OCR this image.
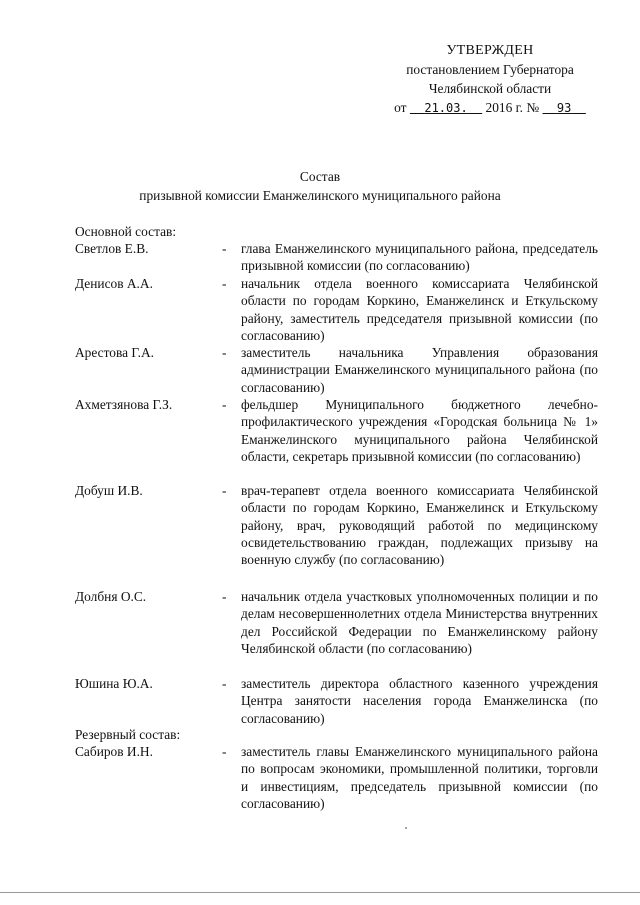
УТВЕРЖДЕН
постановлением Губернатора
Челябинской области
от 21.03. 2016 г. № 93
Состав
призывной комиссии Еманжелинского муниципального района
Основной состав:
Светлов Е.В.	- глава Еманжелинского муниципального района, председатель призывной комиссии (по согласованию)
Денисов А.А.	- начальник отдела военного комиссариата Челябинской области по городам Коркино, Еманжелинск и Еткульскому району, заместитель председателя призывной комиссии (по согласованию)
Арестова Г.А.	- заместитель начальника Управления образования администрации Еманжелинского муниципального района (по согласованию)
Ахметзянова Г.З.	- фельдшер Муниципального бюджетного лечебно-профилактического учреждения «Городская больница № 1» Еманжелинского муниципального района Челябинской области, секретарь призывной комиссии (по согласованию)
Добуш И.В.	- врач-терапевт отдела военного комиссариата Челябинской области по городам Коркино, Еманжелинск и Еткульскому району, врач, руководящий работой по медицинскому освидетельствованию граждан, подлежащих призыву на военную службу (по согласованию)
Долбня О.С.	- начальник отдела участковых уполномоченных полиции и по делам несовершеннолетних отдела Министерства внутренних дел Российской Федерации по Еманжелинскому району Челябинской области (по согласованию)
Юшина Ю.А.	- заместитель директора областного казенного учреждения Центра занятости населения города Еманжелинска (по согласованию)
Резервный состав:
Сабиров И.Н.	- заместитель главы Еманжелинского муниципального района по вопросам экономики, промышленной политики, торговли и инвестициям, председатель призывной комиссии (по согласованию)
